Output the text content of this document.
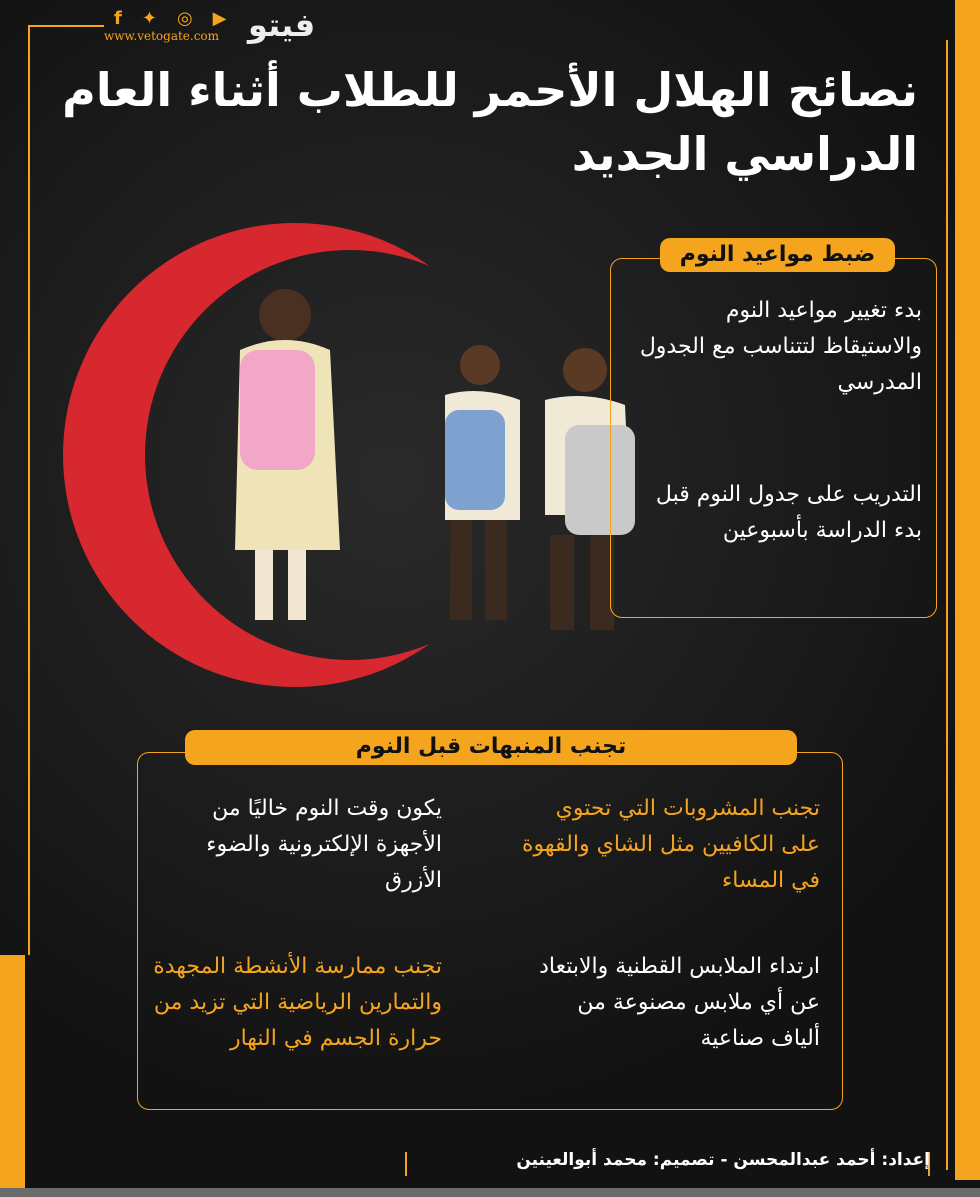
f ✦ ◎ ▶
www.vetogate.com فيتو
نصائح الهلال الأحمر للطلاب أثناء العام الدراسي الجديد
بدء تغيير مواعيد النوم والاستيقاظ لتتناسب مع الجدول المدرسي
التدريب على جدول النوم قبل بدء الدراسة بأسبوعين
ضبط مواعيد النوم
تجنب المشروبات التي تحتوي على الكافيين مثل الشاي والقهوة في المساء
يكون وقت النوم خاليًا من الأجهزة الإلكترونية والضوء الأزرق
ارتداء الملابس القطنية والابتعاد عن أي ملابس مصنوعة من ألياف صناعية
تجنب ممارسة الأنشطة المجهدة والتمارين الرياضية التي تزيد من حرارة الجسم في النهار
تجنب المنبهات قبل النوم
إعداد: أحمد عبدالمحسن - تصميم: محمد أبوالعينين
